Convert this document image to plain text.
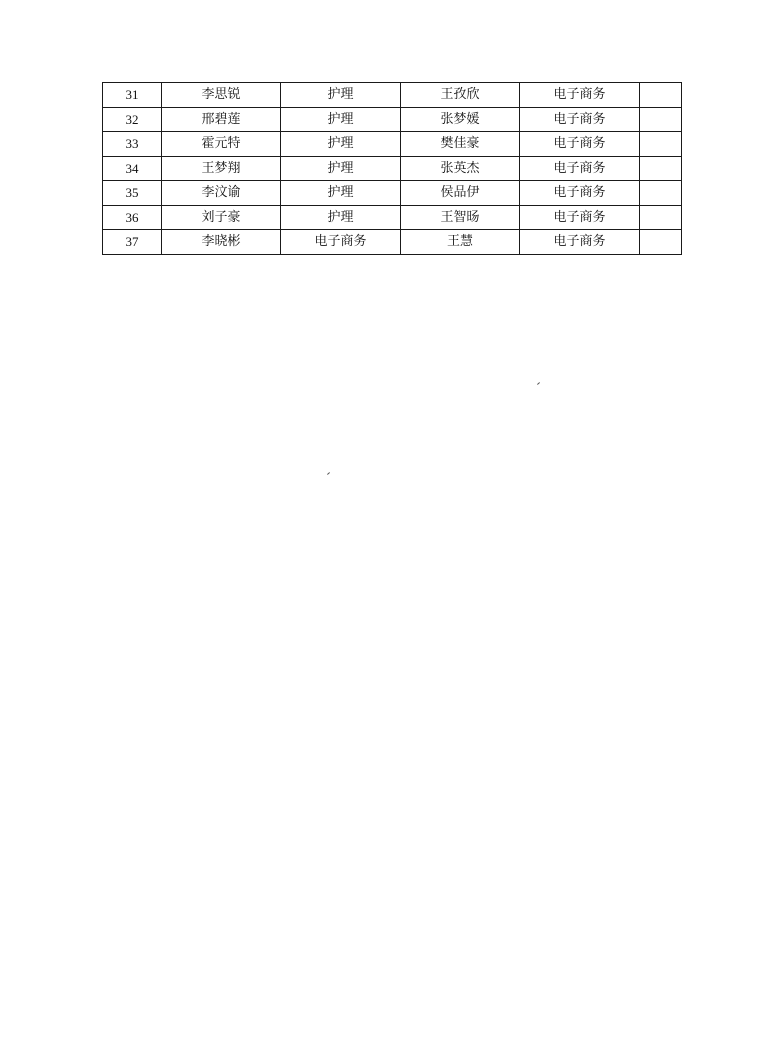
31	李思锐	护理	王孜欣	电子商务	
32	邢碧莲	护理	张梦媛	电子商务	
33	霍元特	护理	樊佳豪	电子商务	
34	王梦翔	护理	张英杰	电子商务	
35	李汶谕	护理	侯品伊	电子商务	
36	刘子豪	护理	王智旸	电子商务	
37	李晓彬	电子商务	王慧	电子商务	
